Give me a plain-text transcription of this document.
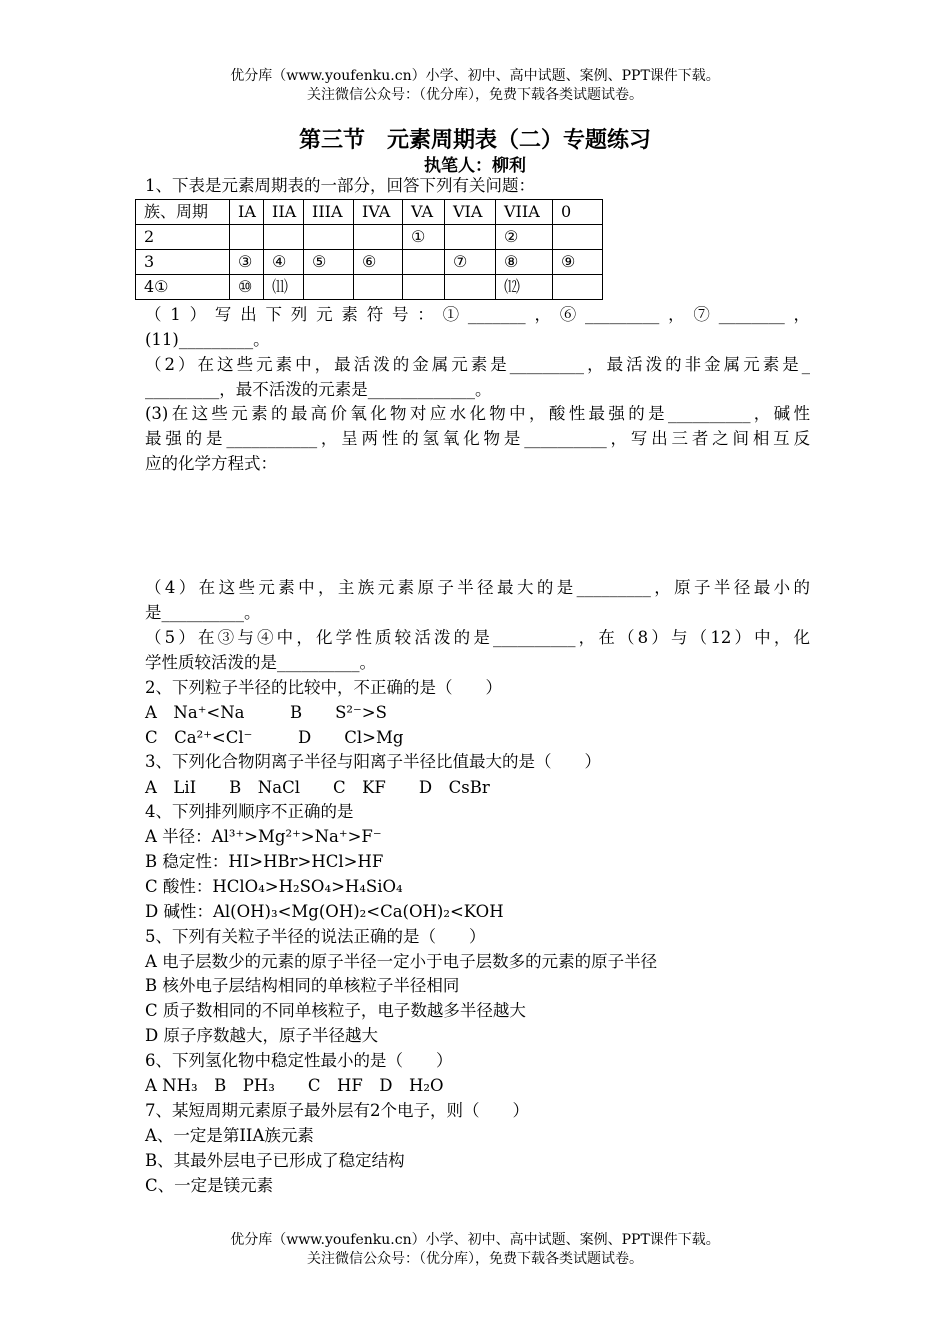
优分库（www.youfenku.cn）小学、初中、高中试题、案例、PPT课件下载。
关注微信公众号：（优分库），免费下载各类试题试卷。
第三节　元素周期表（二）专题练习
执笔人：柳利
1、下表是元素周期表的一部分，回答下列有关问题：
族、周期	IA	IIA	IIIA	IVA	VA	VIA	VIIA	0
2					①		②	
3	③	④	⑤	⑥		⑦	⑧	⑨
4①	⑩	⑾					⑿	
（1）写出下列元素符号：①_______，⑥_________，⑦________，
(11)_________。
（2）在这些元素中，最活泼的金属元素是_________，最活泼的非金属元素是_
_________，最不活泼的元素是_____________。
(3)在这些元素的最高价氧化物对应水化物中，酸性最强的是__________，碱性
最强的是___________，呈两性的氢氧化物是__________，写出三者之间相互反
应的化学方程式：
（4）在这些元素中，主族元素原子半径最大的是_________，原子半径最小的
是__________。
（5）在③与④中，化学性质较活泼的是__________，在（8）与（12）中，化
学性质较活泼的是__________。
2、下列粒子半径的比较中，不正确的是（　　）
A　Na⁺<Na	B　　S²⁻>S
C　Ca²⁺<Cl⁻	D　　Cl>Mg
3、下列化合物阴离子半径与阳离子半径比值最大的是（　　）
A　LiI　　B　NaCl　　C　KF　　D　CsBr
4、下列排列顺序不正确的是
A 半径：Al³⁺>Mg²⁺>Na⁺>F⁻
B 稳定性：HI>HBr>HCl>HF
C 酸性：HClO₄>H₂SO₄>H₄SiO₄
D 碱性：Al(OH)₃<Mg(OH)₂<Ca(OH)₂<KOH
5、下列有关粒子半径的说法正确的是（　　）
A 电子层数少的元素的原子半径一定小于电子层数多的元素的原子半径
B 核外电子层结构相同的单核粒子半径相同
C 质子数相同的不同单核粒子，电子数越多半径越大
D 原子序数越大，原子半径越大
6、下列氢化物中稳定性最小的是（　　）
A NH₃　B　PH₃　　C　HF　D　H₂O
7、某短周期元素原子最外层有2个电子，则（　　）
A、一定是第IIA族元素
B、其最外层电子已形成了稳定结构
C、一定是镁元素
优分库（www.youfenku.cn）小学、初中、高中试题、案例、PPT课件下载。
关注微信公众号：（优分库），免费下载各类试题试卷。
